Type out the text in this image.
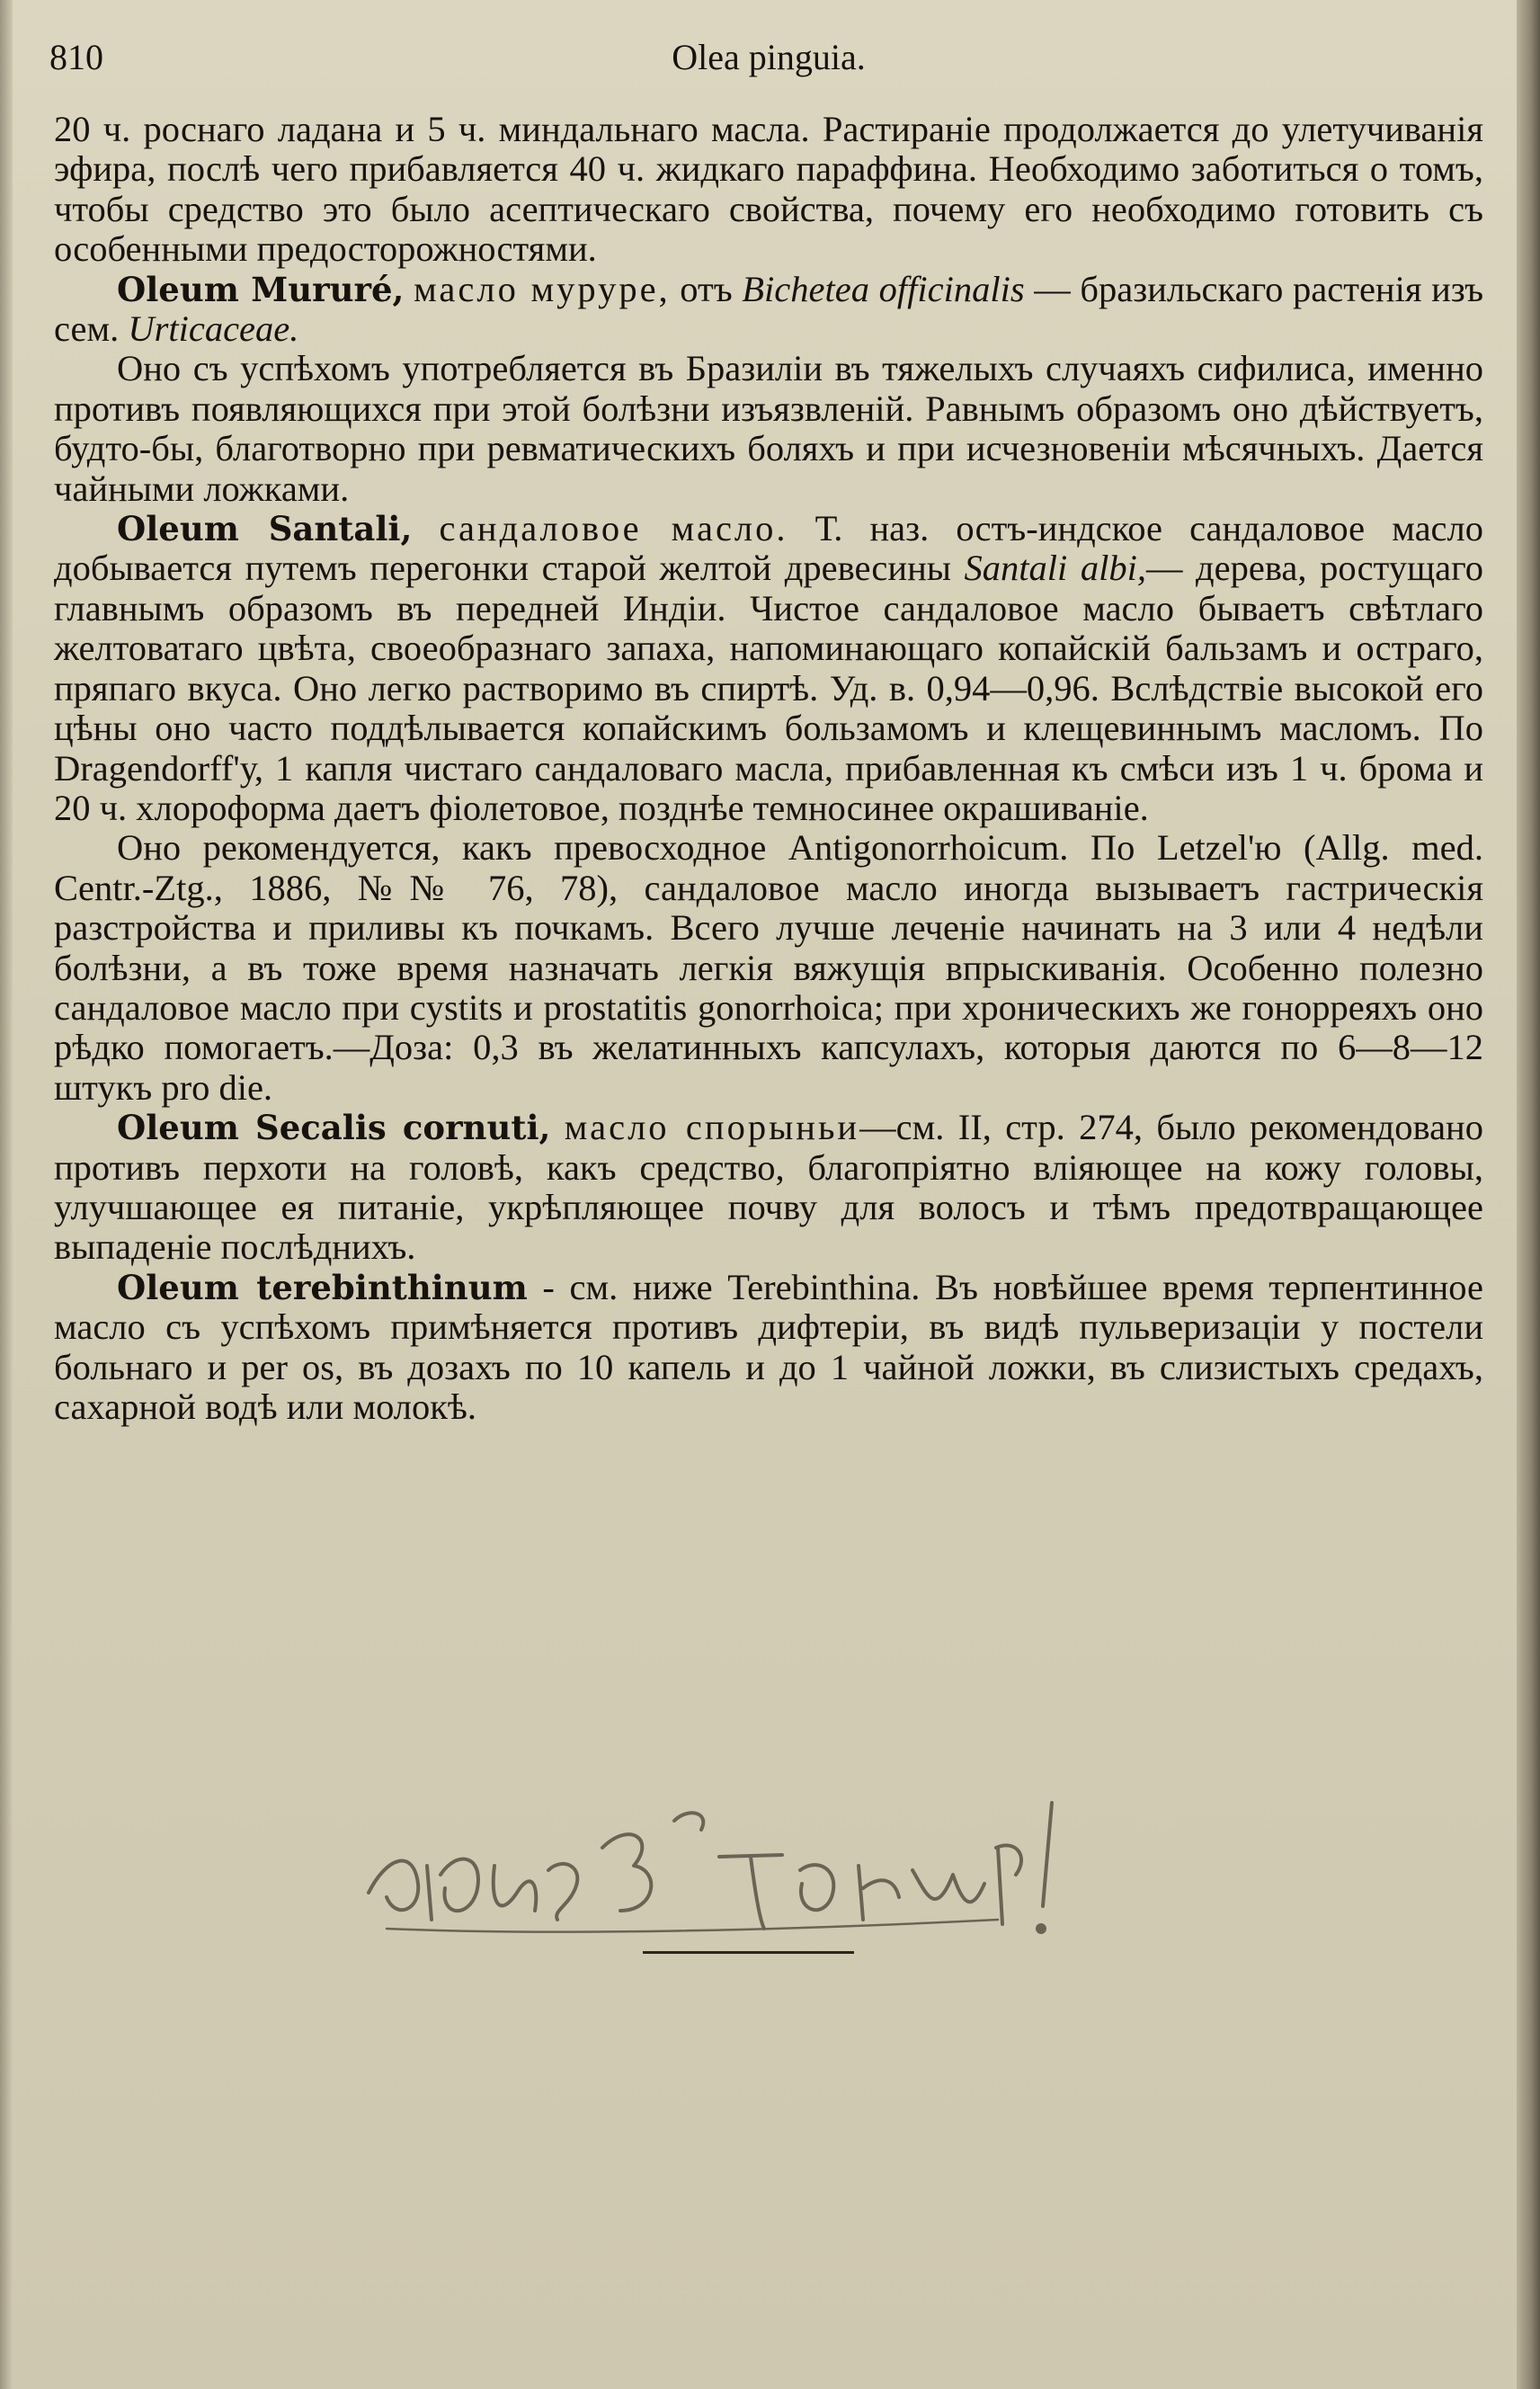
810	Olea pinguia.

20 ч. роснаго ладана и 5 ч. миндальнаго масла. Растираніе продолжается до улетучиванія эфира, послѣ чего прибавляется 40 ч. жидкаго параффина. Необходимо заботиться о томъ, чтобы средство это было асептическаго свойства, почему его необходимо готовить съ особенными предосторожностями.

Oleum Mururé, масло муруре, отъ Bichetea officinalis — бразильскаго растенія изъ сем. Urticaceae.

Оно съ успѣхомъ употребляется въ Бразиліи въ тяжелыхъ случаяхъ сифилиса, именно противъ появляющихся при этой болѣзни изъязвленій. Равнымъ образомъ оно дѣйствуетъ, будто-бы, благотворно при ревматическихъ боляхъ и при исчезновеніи мѣсячныхъ. Дается чайными ложками.

Oleum Santali, сандаловое масло. Т. наз. остъ-индское сандаловое масло добывается путемъ перегонки старой желтой древесины Santali albi,— дерева, ростущаго главнымъ образомъ въ передней Индіи. Чистое сандаловое масло бываетъ свѣтлаго желтоватаго цвѣта, своеобразнаго запаха, напоминающаго копайскій бальзамъ и остраго, пряпаго вкуса. Оно легко растворимо въ спиртѣ. Уд. в. 0,94—0,96. Вслѣдствіе высокой его цѣны оно часто поддѣлывается копайскимъ бользамомъ и клещевиннымъ масломъ. По Dragendorff'у, 1 капля чистаго сандаловаго масла, прибавленная къ смѣси изъ 1 ч. брома и 20 ч. хлороформа даетъ фіолетовое, позднѣе темносинее окрашиваніе.

Оно рекомендуется, какъ превосходное Antigonorrhoicum. По Letzel'ю (Allg. med. Centr.-Ztg., 1886, №№ 76, 78), сандаловое масло иногда вызываетъ гастрическія разстройства и приливы къ почкамъ. Всего лучше леченіе начинать на 3 или 4 недѣли болѣзни, а въ тоже время назначать легкія вяжущія впрыскиванія. Особенно полезно сандаловое масло при cystits и prostatitis gonorrhoica; при хроническихъ же гонорреяхъ оно рѣдко помогаетъ.—Доза: 0,3 въ желатинныхъ капсулахъ, которыя даются по 6—8—12 штукъ pro die.

Oleum Secalis cornuti, масло спорыньи—см. II, стр. 274, было рекомендовано противъ перхоти на головѣ, какъ средство, благопріятно вліяющее на кожу головы, улучшающее ея питаніе, укрѣпляющее почву для волосъ и тѣмъ предотвращающее выпаденіе послѣднихъ.

Oleum terebinthinum - см. ниже Terebinthina. Въ новѣйшее время терпентинное масло съ успѣхомъ примѣняется противъ дифтеріи, въ видѣ пульверизаціи у постели больнаго и per os, въ дозахъ по 10 капель и до 1 чайной ложки, въ слизистыхъ средахъ, сахарной водѣ или молокѣ.
